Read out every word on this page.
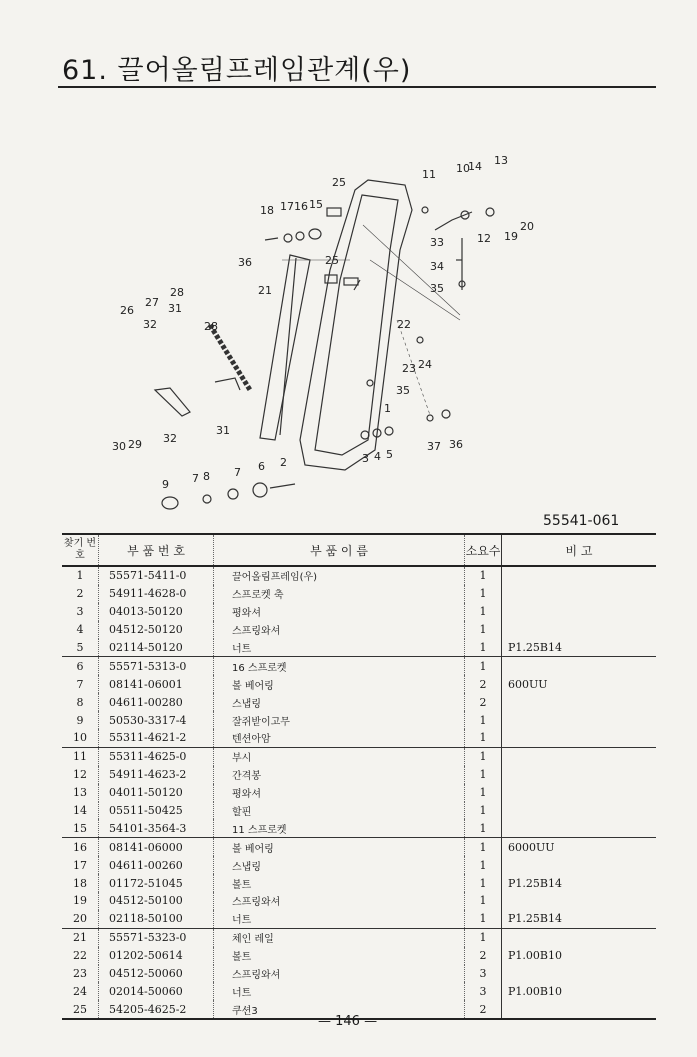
61. 끌어올림프레임관계(우)
25
18 17 16 15
11 10
14 13
12 19
20
33
34
35
36	25
21
26
27
28
31
32	28	22
23 24
35
1
30 29 32
31
37 36
3 4 5
9 7 8 7 6 2
55541-061
찾기 번호	부 품 번 호	부 품 이 름	소요수	비 고
1	55571-5411-0	끌어올림프레임(우)	1	
2	54911-4628-0	스프로켓 축	1	
3	04013-50120	평와셔	1	
4	04512-50120	스프링와셔	1	
5	02114-50120	너트	1	P1.25B14
6	55571-5313-0	16 스프로켓	1	
7	08141-06001	볼 베어링	2	600UU
8	04611-00280	스냅링	2	
9	50530-3317-4	잘쥐받이고무	1	
10	55311-4621-2	텐션아암	1	
11	55311-4625-0	부시	1	
12	54911-4623-2	간격봉	1	
13	04011-50120	평와셔	1	
14	05511-50425	할핀	1	
15	54101-3564-3	11 스프로켓	1	
16	08141-06000	볼 베어링	1	6000UU
17	04611-00260	스냅링	1	
18	01172-51045	볼트	1	P1.25B14
19	04512-50100	스프링와셔	1	
20	02118-50100	너트	1	P1.25B14
21	55571-5323-0	체인 레일	1	
22	01202-50614	볼트	2	P1.00B10
23	04512-50060	스프링와셔	3	
24	02014-50060	너트	3	P1.00B10
25	54205-4625-2	쿠션3	2	
— 146 —
